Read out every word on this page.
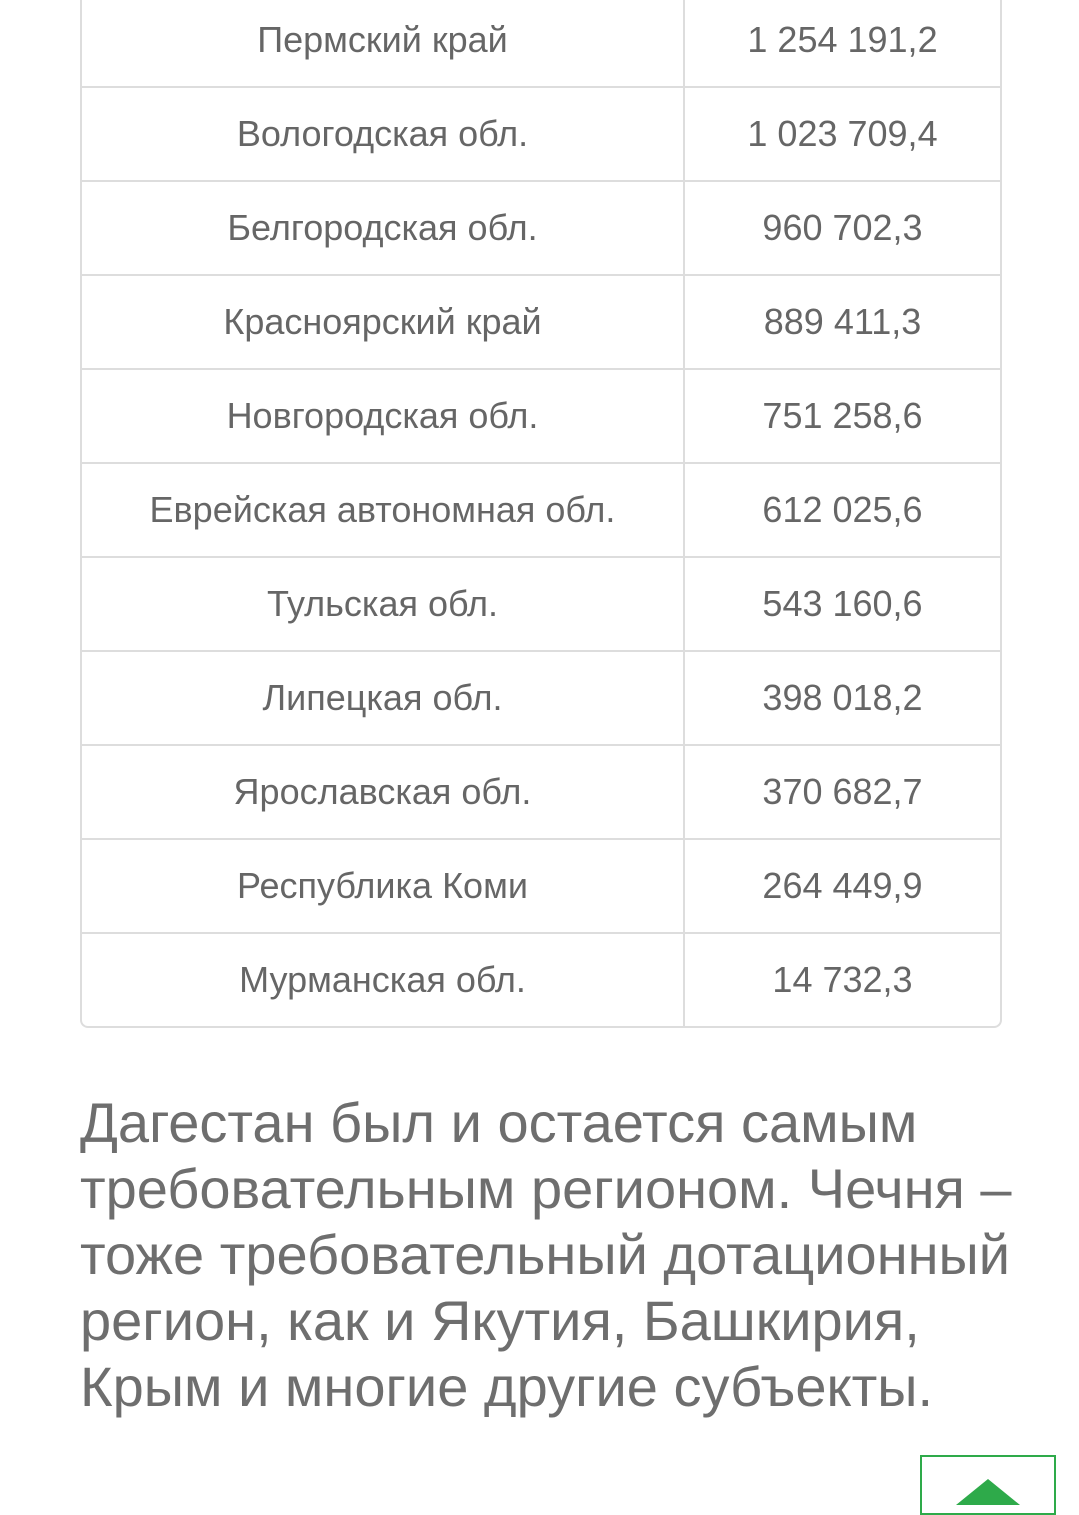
Пермский край	1 254 191,2
Вологодская обл.	1 023 709,4
Белгородская обл.	960 702,3
Красноярский край	889 411,3
Новгородская обл.	751 258,6
Еврейская автономная обл.	612 025,6
Тульская обл.	543 160,6
Липецкая обл.	398 018,2
Ярославская обл.	370 682,7
Республика Коми	264 449,9
Мурманская обл.	14 732,3

Дагестан был и остается самым требовательным регионом. Чечня – тоже требовательный дотационный регион, как и Якутия, Башкирия, Крым и многие другие субъекты.
